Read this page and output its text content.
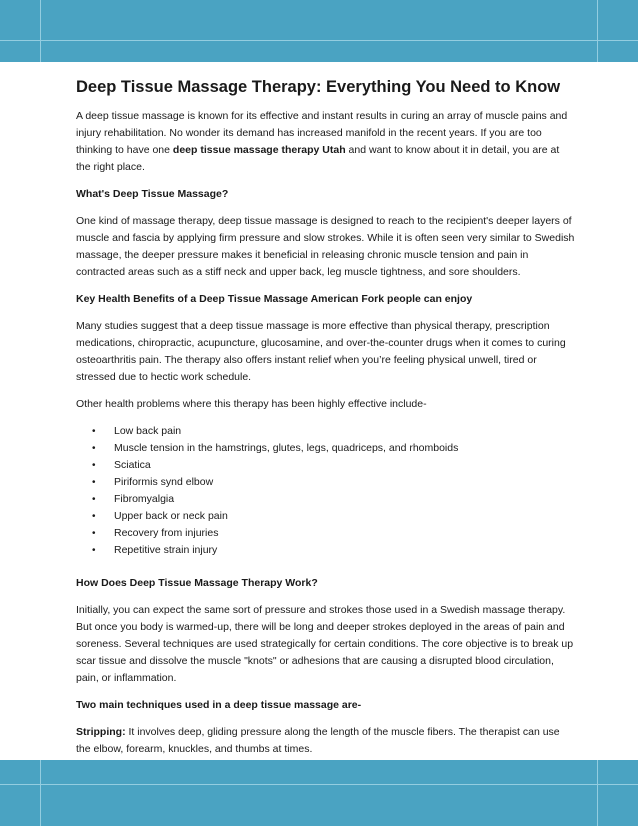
Deep Tissue Massage Therapy: Everything You Need to Know

A deep tissue massage is known for its effective and instant results in curing an array of muscle pains and injury rehabilitation. No wonder its demand has increased manifold in the recent years. If you are too thinking to have one deep tissue massage therapy Utah and want to know about it in detail, you are at the right place.

What's Deep Tissue Massage?

One kind of massage therapy, deep tissue massage is designed to reach to the recipient's deeper layers of muscle and fascia by applying firm pressure and slow strokes. While it is often seen very similar to Swedish massage, the deeper pressure makes it beneficial in releasing chronic muscle tension and pain in contracted areas such as a stiff neck and upper back, leg muscle tightness, and sore shoulders.

Key Health Benefits of a Deep Tissue Massage American Fork people can enjoy

Many studies suggest that a deep tissue massage is more effective than physical therapy, prescription medications, chiropractic, acupuncture, glucosamine, and over-the-counter drugs when it comes to curing osteoarthritis pain. The therapy also offers instant relief when you’re feeling physical unwell, tired or stressed due to hectic work schedule.

Other health problems where this therapy has been highly effective include-

• Low back pain
• Muscle tension in the hamstrings, glutes, legs, quadriceps, and rhomboids
• Sciatica
• Piriformis synd elbow
• Fibromyalgia
• Upper back or neck pain
• Recovery from injuries
• Repetitive strain injury

How Does Deep Tissue Massage Therapy Work?

Initially, you can expect the same sort of pressure and strokes those used in a Swedish massage therapy. But once you body is warmed-up, there will be long and deeper strokes deployed in the areas of pain and soreness. Several techniques are used strategically for certain conditions. The core objective is to break up scar tissue and dissolve the muscle "knots" or adhesions that are causing a disrupted blood circulation, pain, or inflammation.

Two main techniques used in a deep tissue massage are-

Stripping: It involves deep, gliding pressure along the length of the muscle fibers. The therapist can use the elbow, forearm, knuckles, and thumbs at times.
